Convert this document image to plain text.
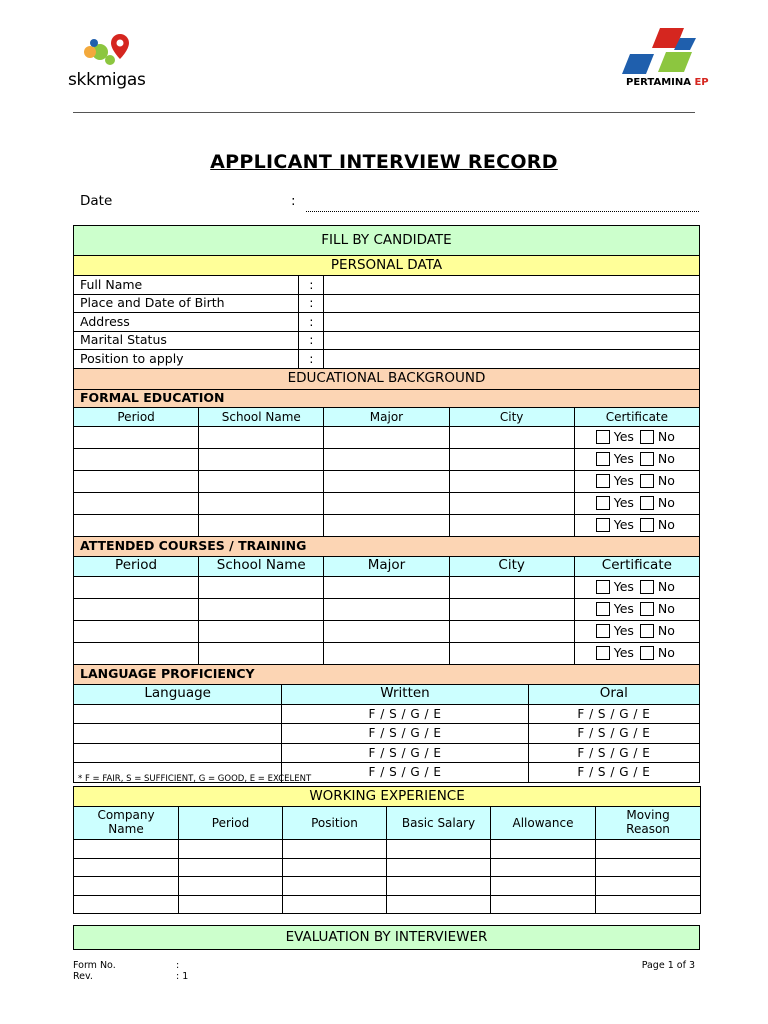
skkmigas	PERTAMINA EP
APPLICANT INTERVIEW RECORD
Date	:
FILL BY CANDIDATE							
PERSONAL DATA							
Full Name			:				
Place and Date of Birth			:				
Address			:				
Marital Status			:				
Position to apply			:				
EDUCATIONAL BACKGROUND							
FORMAL EDUCATION							
Period	School Name			Major	City		Certificate
							Yes No
							Yes No
							Yes No
							Yes No
							Yes No
ATTENDED COURSES / TRAINING							
Period	School Name			Major	City		Certificate
							Yes No
							Yes No
							Yes No
							Yes No
LANGUAGE PROFICIENCY							
Language		Written				Oral	
		F / S / G / E				F / S / G / E	
		F / S / G / E				F / S / G / E	
		F / S / G / E				F / S / G / E	
		F / S / G / E				F / S / G / E	
* F = FAIR, S = SUFFICIENT, G = GOOD, E = EXCELENT
WORKING EXPERIENCE					
Company
Name	Period	Position	Basic Salary	Allowance	Moving
Reason

EVALUATION BY INTERVIEWER
Form No.	:
Rev.	: 1
Page 1 of 3
